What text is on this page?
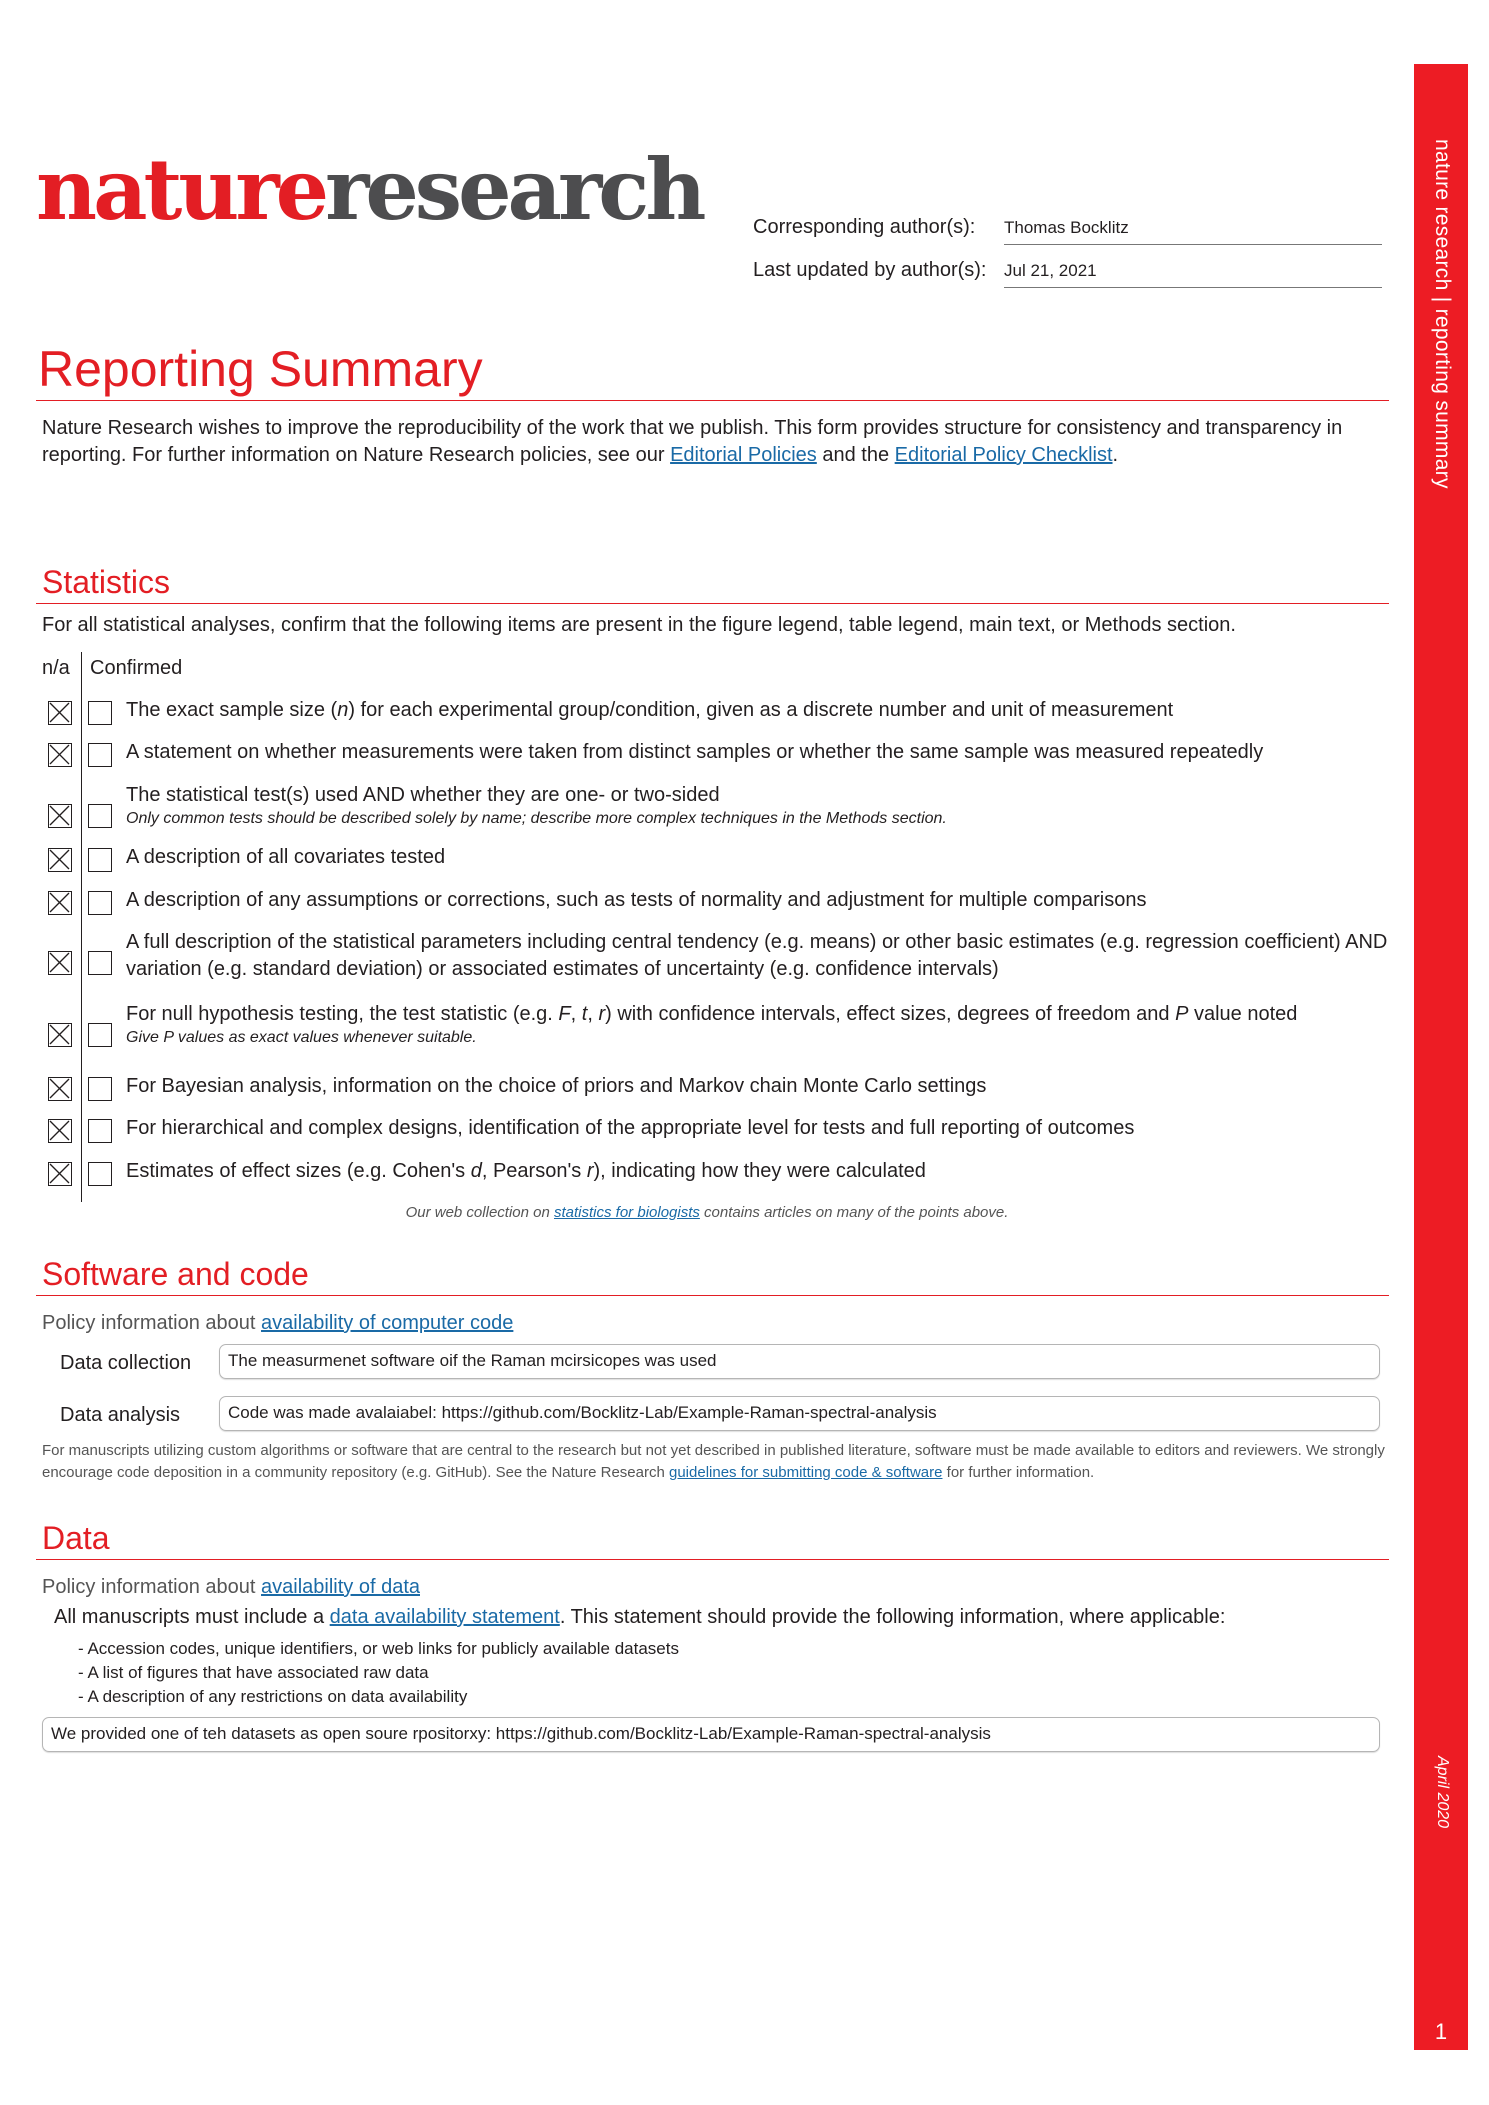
nature research | reporting summary
April 2020
1
natureresearch	Corresponding author(s): Thomas Bocklitz
Last updated by author(s): Jul 21, 2021
Reporting Summary
Nature Research wishes to improve the reproducibility of the work that we publish. This form provides structure for consistency and transparency in reporting. For further information on Nature Research policies, see our Editorial Policies and the Editorial Policy Checklist.
Statistics
For all statistical analyses, confirm that the following items are present in the figure legend, table legend, main text, or Methods section.
n/a Confirmed
The exact sample size (n) for each experimental group/condition, given as a discrete number and unit of measurement
A statement on whether measurements were taken from distinct samples or whether the same sample was measured repeatedly
The statistical test(s) used AND whether they are one- or two-sided
Only common tests should be described solely by name; describe more complex techniques in the Methods section.
A description of all covariates tested
A description of any assumptions or corrections, such as tests of normality and adjustment for multiple comparisons
A full description of the statistical parameters including central tendency (e.g. means) or other basic estimates (e.g. regression coefficient) AND variation (e.g. standard deviation) or associated estimates of uncertainty (e.g. confidence intervals)
For null hypothesis testing, the test statistic (e.g. F, t, r) with confidence intervals, effect sizes, degrees of freedom and P value noted
Give P values as exact values whenever suitable.
For Bayesian analysis, information on the choice of priors and Markov chain Monte Carlo settings
For hierarchical and complex designs, identification of the appropriate level for tests and full reporting of outcomes
Estimates of effect sizes (e.g. Cohen's d, Pearson's r), indicating how they were calculated
Our web collection on statistics for biologists contains articles on many of the points above.
Software and code
Policy information about availability of computer code
Data collection	The measurmenet software oif the Raman mcirsicopes was used
Data analysis	Code was made avalaiabel: https://github.com/Bocklitz-Lab/Example-Raman-spectral-analysis
For manuscripts utilizing custom algorithms or software that are central to the research but not yet described in published literature, software must be made available to editors and reviewers. We strongly encourage code deposition in a community repository (e.g. GitHub). See the Nature Research guidelines for submitting code & software for further information.
Data
Policy information about availability of data
All manuscripts must include a data availability statement. This statement should provide the following information, where applicable:
- Accession codes, unique identifiers, or web links for publicly available datasets
- A list of figures that have associated raw data
- A description of any restrictions on data availability
We provided one of teh datasets as open soure rpositorxy: https://github.com/Bocklitz-Lab/Example-Raman-spectral-analysis
